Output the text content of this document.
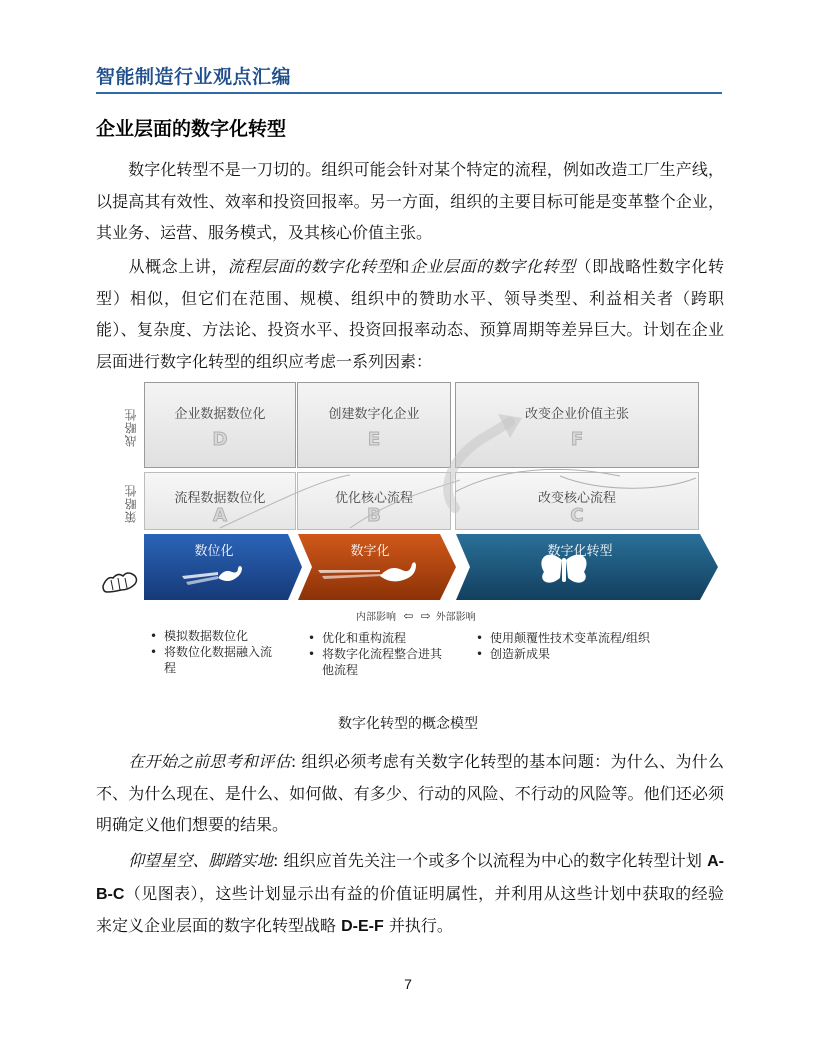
智能制造行业观点汇编
企业层面的数字化转型

数字化转型不是一刀切的。组织可能会针对某个特定的流程，例如改造工厂生产线，以提高其有效性、效率和投资回报率。另一方面，组织的主要目标可能是变革整个企业，其业务、运营、服务模式，及其核心价值主张。

从概念上讲，流程层面的数字化转型和企业层面的数字化转型（即战略性数字化转型）相似，但它们在范围、规模、组织中的赞助水平、领导类型、利益相关者（跨职能）、复杂度、方法论、投资水平、投资回报率动态、预算周期等差异巨大。计划在企业层面进行数字化转型的组织应考虑一系列因素：

战略性
策略性
企业数据数位化
D
创建数字化企业
E
改变企业价值主张
F
流程数据数位化
A
优化核心流程
B
改变核心流程
C
数位化	数字化	数字化转型
内部影响 ⇦ ⇨ 外部影响
• 模拟数据数位化
• 将数位化数据融入流程
• 优化和重构流程
• 将数字化流程整合进其他流程
• 使用颠覆性技术变革流程/组织
• 创造新成果
数字化转型的概念模型

在开始之前思考和评估: 组织必须考虑有关数字化转型的基本问题：为什么、为什么不、为什么现在、是什么、如何做、有多少、行动的风险、不行动的风险等。他们还必须明确定义他们想要的结果。

仰望星空、脚踏实地: 组织应首先关注一个或多个以流程为中心的数字化转型计划 A-B-C（见图表），这些计划显示出有益的价值证明属性，并利用从这些计划中获取的经验来定义企业层面的数字化转型战略 D-E-F 并执行。

7
